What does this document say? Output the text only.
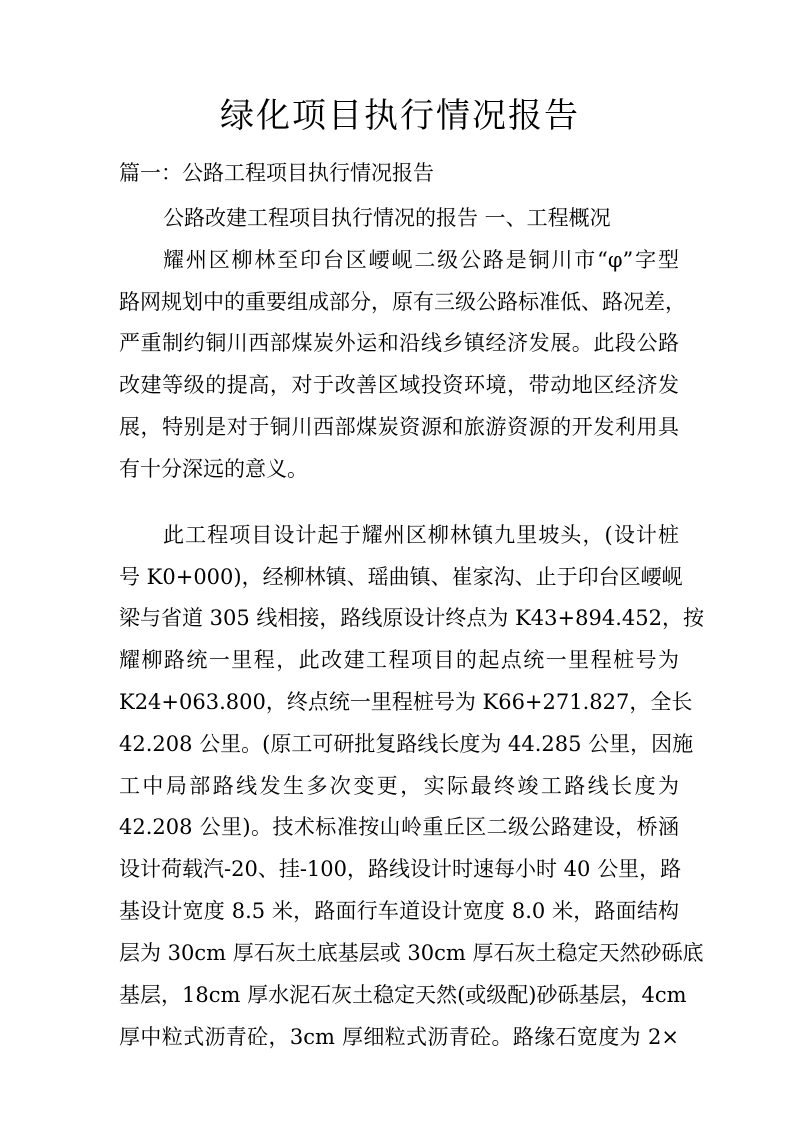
绿化项目执行情况报告
篇一：公路工程项目执行情况报告
公路改建工程项目执行情况的报告 一、工程概况
耀州区柳林至印台区崾岘二级公路是铜川市“φ”字型
路网规划中的重要组成部分，原有三级公路标准低、路况差，
严重制约铜川西部煤炭外运和沿线乡镇经济发展。此段公路
改建等级的提高，对于改善区域投资环境，带动地区经济发
展，特别是对于铜川西部煤炭资源和旅游资源的开发利用具
有十分深远的意义。
此工程项目设计起于耀州区柳林镇九里坡头，(设计桩
号 K0+000)，经柳林镇、瑶曲镇、崔家沟、止于印台区崾岘
梁与省道 305 线相接，路线原设计终点为 K43+894.452，按
耀柳路统一里程，此改建工程项目的起点统一里程桩号为
K24+063.800，终点统一里程桩号为 K66+271.827，全长
42.208 公里。(原工可研批复路线长度为 44.285 公里，因施
工中局部路线发生多次变更，实际最终竣工路线长度为
42.208 公里)。技术标准按山岭重丘区二级公路建设，桥涵
设计荷载汽-20、挂-100，路线设计时速每小时 40 公里，路
基设计宽度 8.5 米，路面行车道设计宽度 8.0 米，路面结构
层为 30cm 厚石灰土底基层或 30cm 厚石灰土稳定天然砂砾底
基层，18cm 厚水泥石灰土稳定天然(或级配)砂砾基层，4cm
厚中粒式沥青砼，3cm 厚细粒式沥青砼。路缘石宽度为 2×
